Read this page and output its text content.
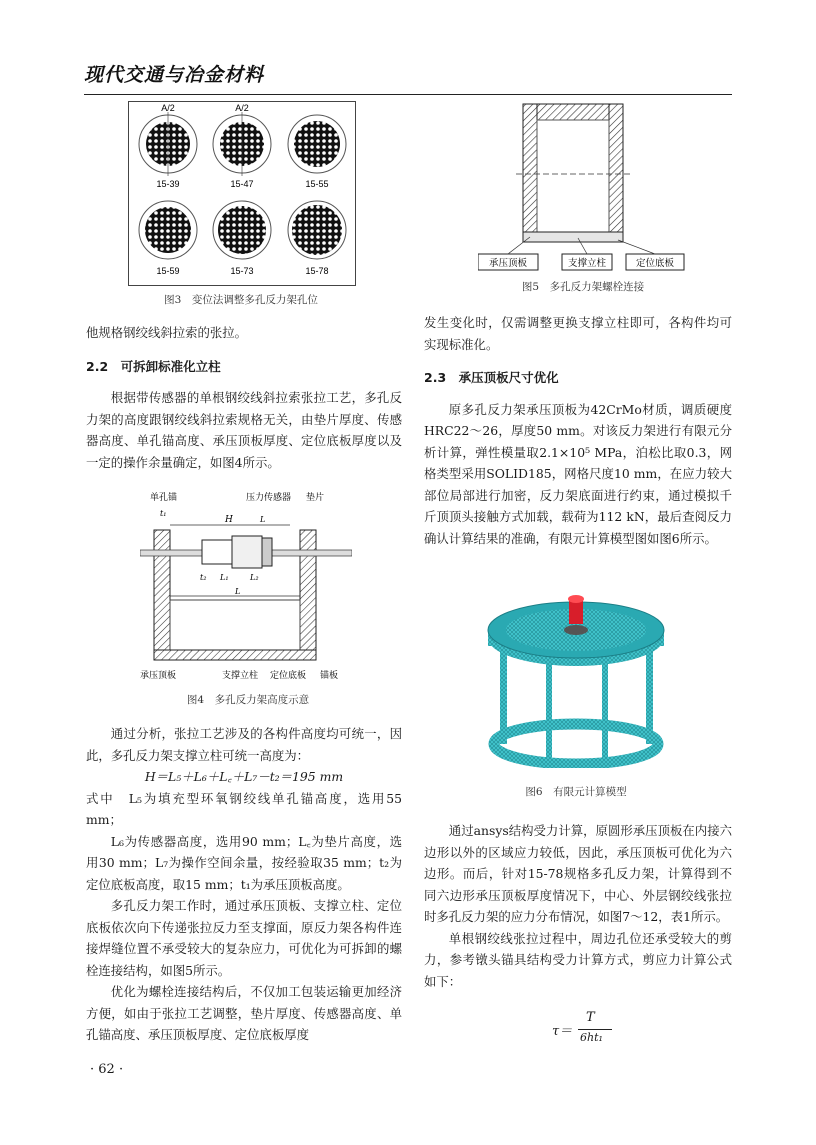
现代交通与冶金材料
A/2	A/2
15-39	15-47	15-55
15-59	15-73	15-78
图3　变位法调整多孔反力架孔位
承压顶板	支撑立柱	定位底板
图5　多孔反力架螺栓连接

他规格钢绞线斜拉索的张拉。

2.2　可拆卸标准化立柱

根据带传感器的单根钢绞线斜拉索张拉工艺，多孔反力架的高度跟钢绞线斜拉索规格无关，由垫片厚度、传感器高度、单孔锚高度、承压顶板厚度、定位底板厚度以及一定的操作余量确定，如图4所示。

单孔锚	压力传感器 垫片
t₁
H	L
t₂ L₁	L₂
L
承压顶板	支撑立柱 定位底板 锚板
图4　多孔反力架高度示意

通过分析，张拉工艺涉及的各构件高度均可统一，因此，多孔反力架支撑立柱可统一高度为：

H＝L₅＋L₆＋L꜀＋L₇－t₂＝195 mm

式中　L₅为填充型环氧钢绞线单孔锚高度，选用55 mm；

L₆为传感器高度，选用90 mm；L꜀为垫片高度，选用30 mm；L₇为操作空间余量，按经验取35 mm；t₂为定位底板高度，取15 mm；t₁为承压顶板高度。

多孔反力架工作时，通过承压顶板、支撑立柱、定位底板依次向下传递张拉反力至支撑面，原反力架各构件连接焊缝位置不承受较大的复杂应力，可优化为可拆卸的螺栓连接结构，如图5所示。

优化为螺栓连接结构后，不仅加工包装运输更加经济方便，如由于张拉工艺调整，垫片厚度、传感器高度、单孔锚高度、承压顶板厚度、定位底板厚度

发生变化时，仅需调整更换支撑立柱即可，各构件均可实现标准化。

2.3　承压顶板尺寸优化

原多孔反力架承压顶板为42CrMo材质，调质硬度HRC22～26，厚度50 mm。对该反力架进行有限元分析计算，弹性模量取2.1×10⁵ MPa，泊松比取0.3，网格类型采用SOLID185，网格尺度10 mm，在应力较大部位局部进行加密，反力架底面进行约束，通过模拟千斤顶顶头接触方式加载，载荷为112 kN，最后查阅反力确认计算结果的准确，有限元计算模型图如图6所示。

图6　有限元计算模型

通过ansys结构受力计算，原圆形承压顶板在内接六边形以外的区域应力较低，因此，承压顶板可优化为六边形。而后，针对15-78规格多孔反力架，计算得到不同六边形承压顶板厚度情况下，中心、外层钢绞线张拉时多孔反力架的应力分布情况，如图7～12，表1所示。

单根钢绞线张拉过程中，周边孔位还承受较大的剪力，参考镦头锚具结构受力计算方式，剪应力计算公式如下：

τ＝
T
6ht₁
· 62 ·
